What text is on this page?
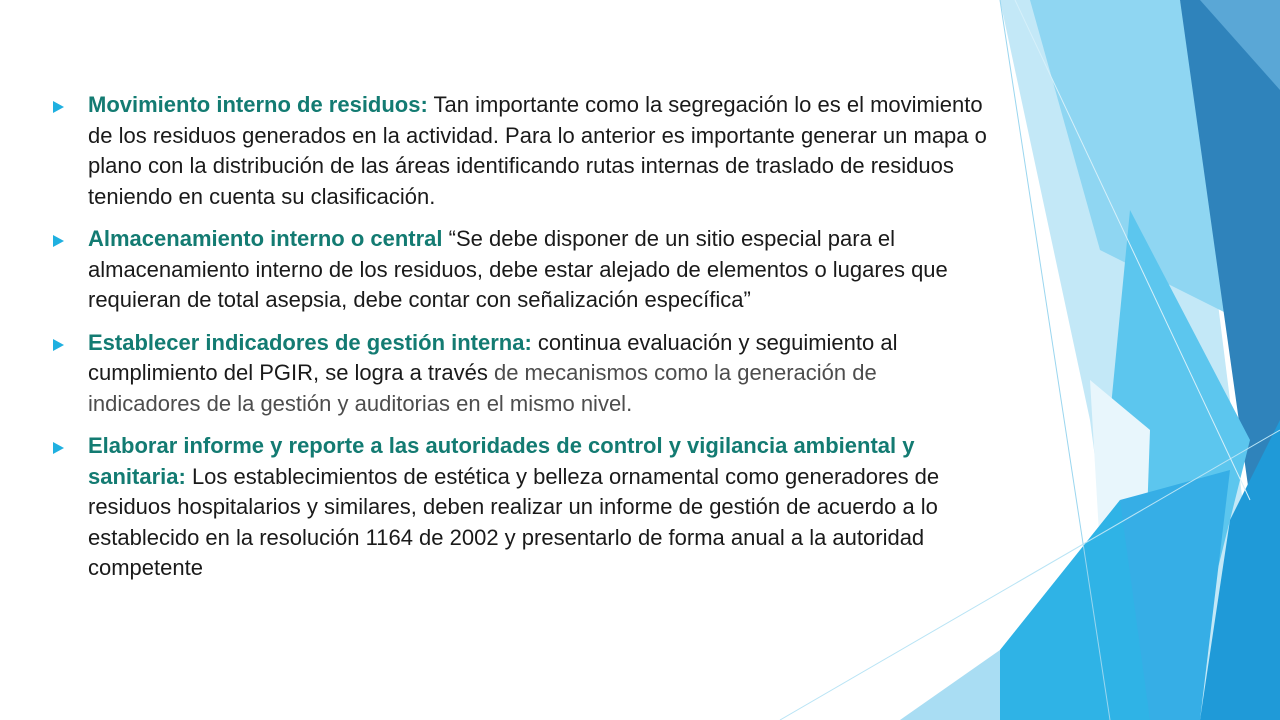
Movimiento interno de residuos: Tan importante como la segregación lo es el movimiento de los residuos generados en la actividad. Para lo anterior es importante generar un mapa o plano con la distribución de las áreas identificando rutas internas de traslado de residuos teniendo en cuenta su clasificación.
Almacenamiento interno o central “Se debe disponer de un sitio especial para el almacenamiento interno de los residuos, debe estar alejado de elementos o lugares que requieran de total asepsia, debe contar con señalización específica”
Establecer indicadores de gestión interna: continua evaluación y seguimiento al cumplimiento del PGIR, se logra a través de mecanismos como la generación de indicadores de la gestión y auditorias en el mismo nivel.
Elaborar informe y reporte a las autoridades de control y vigilancia ambiental y sanitaria: Los establecimientos de estética y belleza ornamental como generadores de residuos hospitalarios y similares, deben realizar un informe de gestión de acuerdo a lo establecido en la resolución 1164 de 2002 y presentarlo de forma anual a la autoridad competente
